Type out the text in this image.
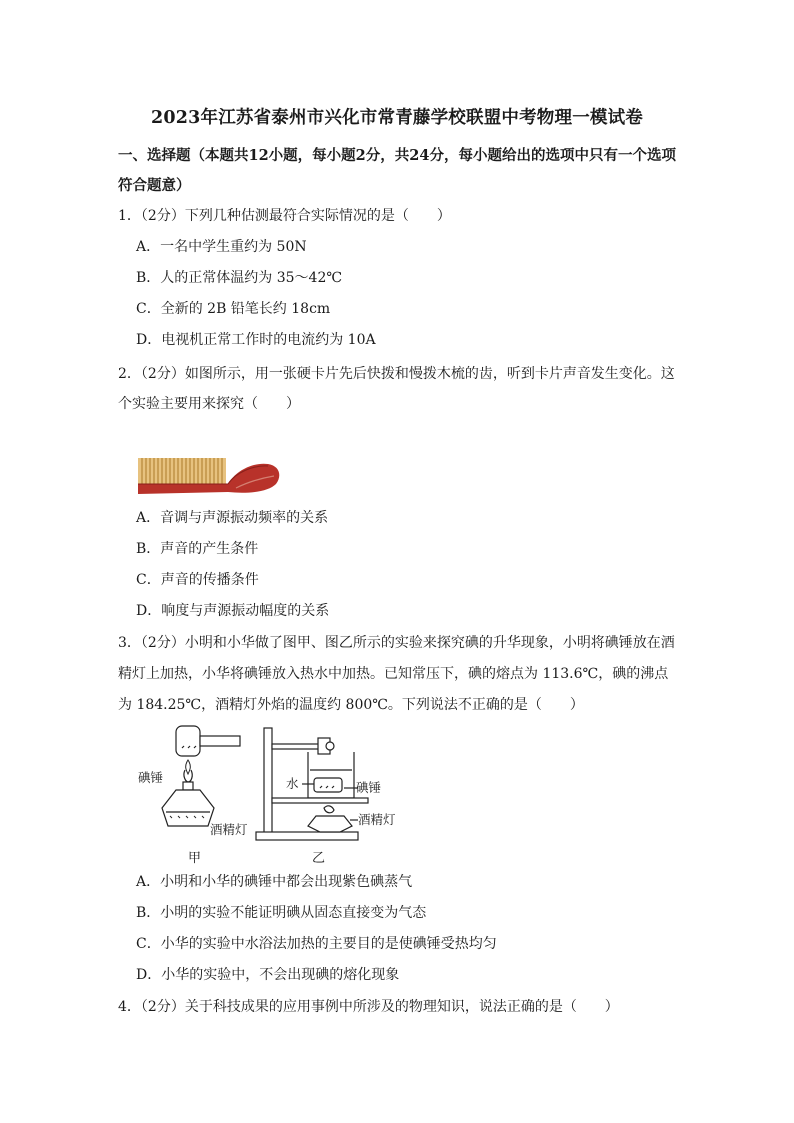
2023年江苏省泰州市兴化市常青藤学校联盟中考物理一模试卷
一、选择题（本题共12小题，每小题2分，共24分，每小题给出的选项中只有一个选项
符合题意）
1．（2分）下列几种估测最符合实际情况的是（　　）
A．一名中学生重约为 50N
B．人的正常体温约为 35～42℃
C．全新的 2B 铅笔长约 18cm
D．电视机正常工作时的电流约为 10A
2．（2分）如图所示，用一张硬卡片先后快拨和慢拨木梳的齿，听到卡片声音发生变化。这
个实验主要用来探究（　　）
A．音调与声源振动频率的关系
B．声音的产生条件
C．声音的传播条件
D．响度与声源振动幅度的关系
3．（2分）小明和小华做了图甲、图乙所示的实验来探究碘的升华现象，小明将碘锤放在酒
精灯上加热，小华将碘锤放入热水中加热。已知常压下，碘的熔点为 113.6℃，碘的沸点
为 184.25℃，酒精灯外焰的温度约 800℃。下列说法不正确的是（　　）
碘锤
酒精灯
乙
甲
水	碘锤
酒精灯
乙
A．小明和小华的碘锤中都会出现紫色碘蒸气
B．小明的实验不能证明碘从固态直接变为气态
C．小华的实验中水浴法加热的主要目的是使碘锤受热均匀
D．小华的实验中，不会出现碘的熔化现象
4．（2分）关于科技成果的应用事例中所涉及的物理知识，说法正确的是（　　）
